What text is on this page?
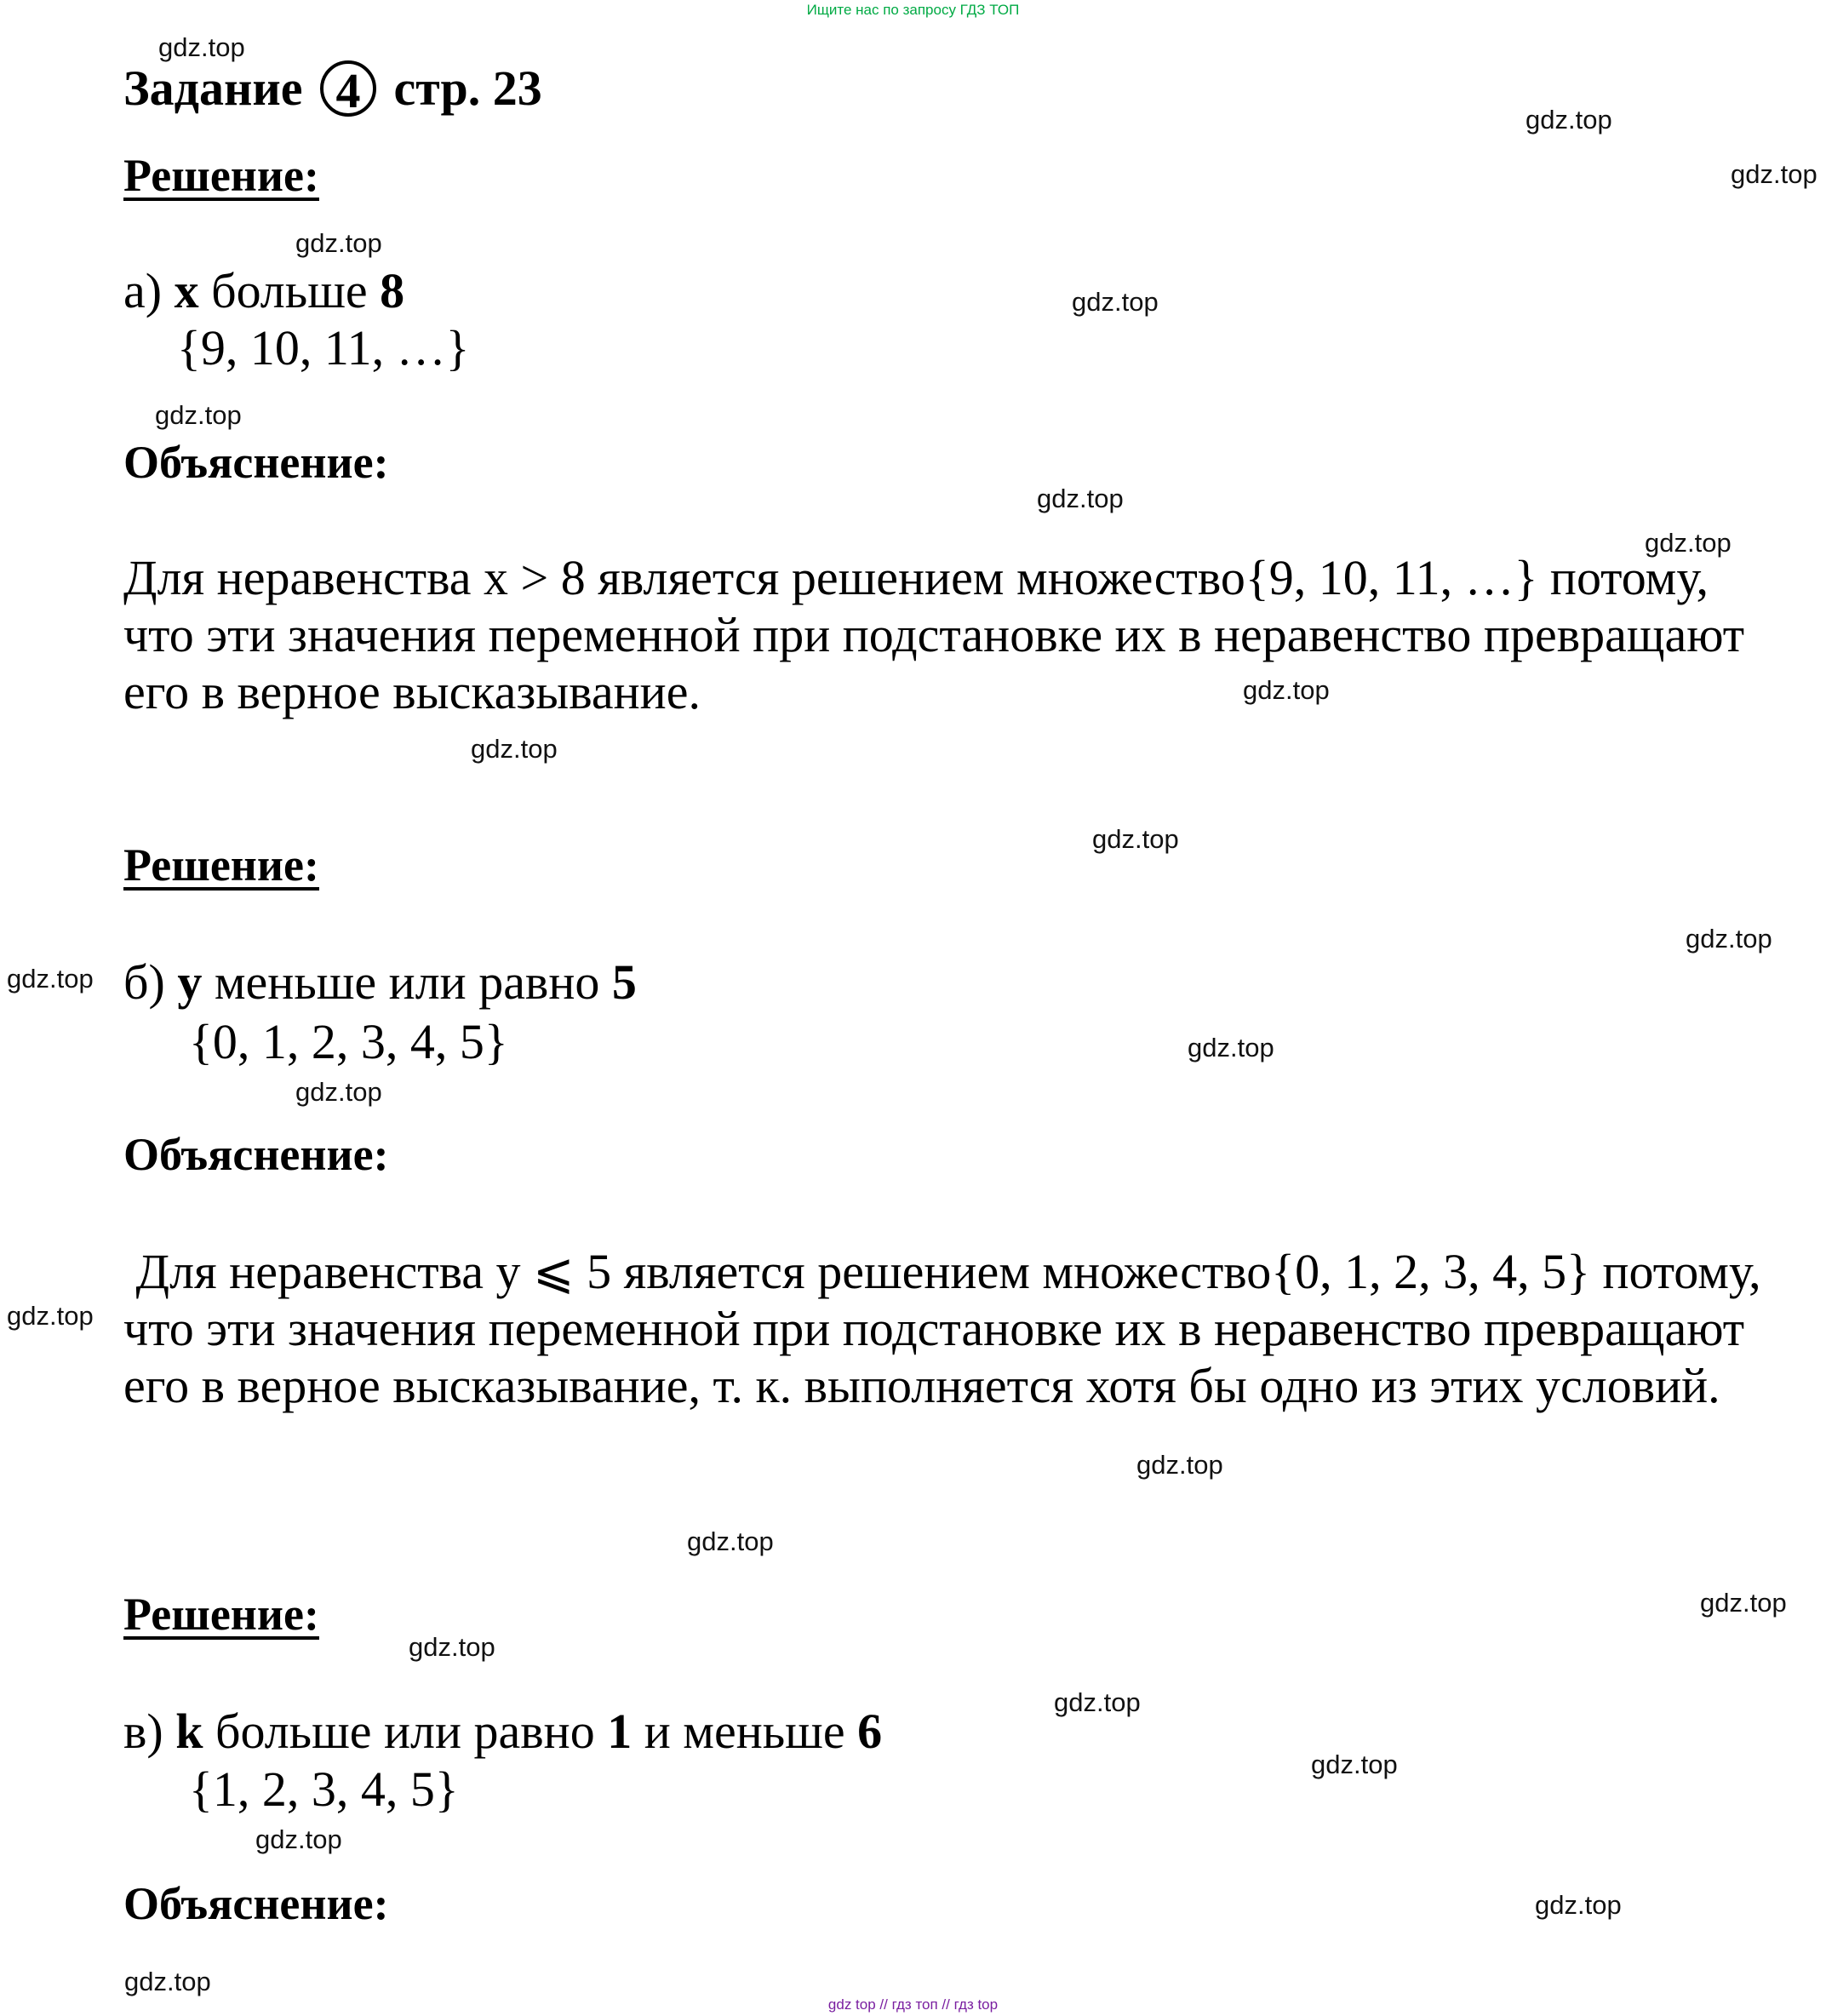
Ищите нас по запросу ГДЗ ТОП
Задание 4 стр. 23
Решение:
а) x больше 8
{9, 10, 11, …}
Объяснение:
Для неравенства x > 8 является решением множество{9, 10, 11, …} потому,
что эти значения переменной при подстановке их в неравенство превращают
его в верное высказывание.
Решение:
б) y меньше или равно 5
{0, 1, 2, 3, 4, 5}
Объяснение:
Для неравенства y ⩽ 5 является решением множество{0, 1, 2, 3, 4, 5} потому,
что эти значения переменной при подстановке их в неравенство превращают
его в верное высказывание, т. к. выполняется хотя бы одно из этих условий.
Решение:
в) k больше или равно 1 и меньше 6
{1, 2, 3, 4, 5}
Объяснение:
gdz.top
gdz.top
gdz.top
gdz.top
gdz.top
gdz.top
gdz.top
gdz.top
gdz.top
gdz.top
gdz.top
gdz.top
gdz.top
gdz.top
gdz.top
gdz.top
gdz.top
gdz.top
gdz.top
gdz.top
gdz.top
gdz.top
gdz.top
gdz.top
gdz.top
gdz top // гдз топ // гдз top
